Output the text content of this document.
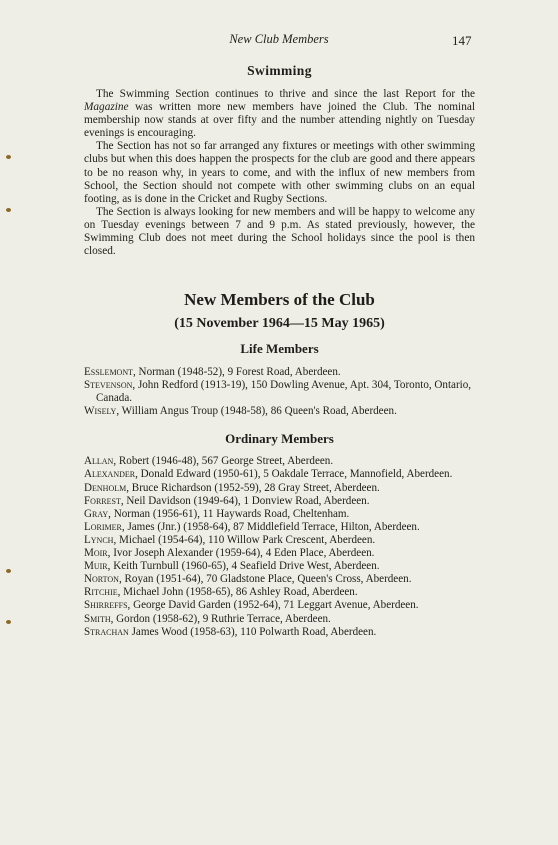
New Club Members	147
Swimming

The Swimming Section continues to thrive and since the last Report for the Magazine was written more new members have joined the Club. The nominal membership now stands at over fifty and the number attending nightly on Tuesday evenings is encouraging.

The Section has not so far arranged any fixtures or meetings with other swimming clubs but when this does happen the prospects for the club are good and there appears to be no reason why, in years to come, and with the influx of new members from School, the Section should not compete with other swimming clubs on an equal footing, as is done in the Cricket and Rugby Sections.

The Section is always looking for new members and will be happy to welcome any on Tuesday evenings between 7 and 9 p.m. As stated previously, however, the Swimming Club does not meet during the School holidays since the pool is then closed.

New Members of the Club
(15 November 1964—15 May 1965)
Life Members

Esslemont, Norman (1948-52), 9 Forest Road, Aberdeen.

Stevenson, John Redford (1913-19), 150 Dowling Avenue, Apt. 304, Toronto, Ontario, Canada.

Wisely, William Angus Troup (1948-58), 86 Queen's Road, Aberdeen.

Ordinary Members

Allan, Robert (1946-48), 567 George Street, Aberdeen.

Alexander, Donald Edward (1950-61), 5 Oakdale Terrace, Mannofield, Aberdeen.

Denholm, Bruce Richardson (1952-59), 28 Gray Street, Aberdeen.

Forrest, Neil Davidson (1949-64), 1 Donview Road, Aberdeen.

Gray, Norman (1956-61), 11 Haywards Road, Cheltenham.

Lorimer, James (Jnr.) (1958-64), 87 Middlefield Terrace, Hilton, Aberdeen.

Lynch, Michael (1954-64), 110 Willow Park Crescent, Aberdeen.

Moir, Ivor Joseph Alexander (1959-64), 4 Eden Place, Aberdeen.

Muir, Keith Turnbull (1960-65), 4 Seafield Drive West, Aberdeen.

Norton, Royan (1951-64), 70 Gladstone Place, Queen's Cross, Aberdeen.

Ritchie, Michael John (1958-65), 86 Ashley Road, Aberdeen.

Shirreffs, George David Garden (1952-64), 71 Leggart Avenue, Aberdeen.

Smith, Gordon (1958-62), 9 Ruthrie Terrace, Aberdeen.

Strachan James Wood (1958-63), 110 Polwarth Road, Aberdeen.
